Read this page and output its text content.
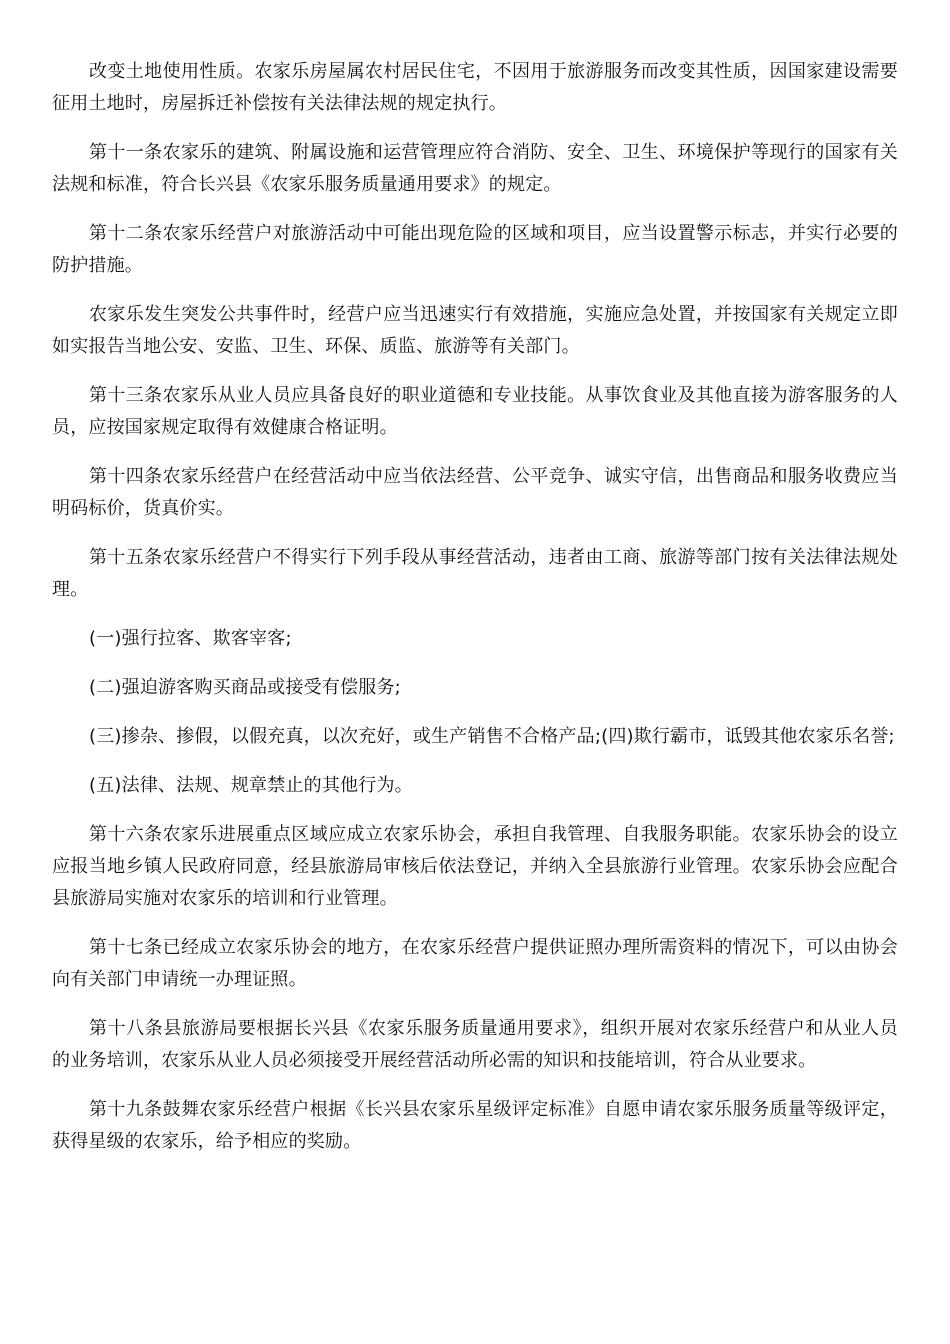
改变土地使用性质。农家乐房屋属农村居民住宅，不因用于旅游服务而改变其性质，因国家建设需要征用土地时，房屋拆迁补偿按有关法律法规的规定执行。

第十一条农家乐的建筑、附属设施和运营管理应符合消防、安全、卫生、环境保护等现行的国家有关法规和标准，符合长兴县《农家乐服务质量通用要求》的规定。

第十二条农家乐经营户对旅游活动中可能出现危险的区域和项目，应当设置警示标志，并实行必要的防护措施。

农家乐发生突发公共事件时，经营户应当迅速实行有效措施，实施应急处置，并按国家有关规定立即如实报告当地公安、安监、卫生、环保、质监、旅游等有关部门。

第十三条农家乐从业人员应具备良好的职业道德和专业技能。从事饮食业及其他直接为游客服务的人员，应按国家规定取得有效健康合格证明。

第十四条农家乐经营户在经营活动中应当依法经营、公平竞争、诚实守信，出售商品和服务收费应当明码标价，货真价实。

第十五条农家乐经营户不得实行下列手段从事经营活动，违者由工商、旅游等部门按有关法律法规处理。

(一)强行拉客、欺客宰客;

(二)强迫游客购买商品或接受有偿服务;

(三)掺杂、掺假，以假充真，以次充好，或生产销售不合格产品;(四)欺行霸市，诋毁其他农家乐名誉;

(五)法律、法规、规章禁止的其他行为。

第十六条农家乐进展重点区域应成立农家乐协会，承担自我管理、自我服务职能。农家乐协会的设立应报当地乡镇人民政府同意，经县旅游局审核后依法登记，并纳入全县旅游行业管理。农家乐协会应配合县旅游局实施对农家乐的培训和行业管理。

第十七条已经成立农家乐协会的地方，在农家乐经营户提供证照办理所需资料的情况下，可以由协会向有关部门申请统一办理证照。

第十八条县旅游局要根据长兴县《农家乐服务质量通用要求》，组织开展对农家乐经营户和从业人员的业务培训，农家乐从业人员必须接受开展经营活动所必需的知识和技能培训，符合从业要求。

第十九条鼓舞农家乐经营户根据《长兴县农家乐星级评定标准》自愿申请农家乐服务质量等级评定，获得星级的农家乐，给予相应的奖励。
